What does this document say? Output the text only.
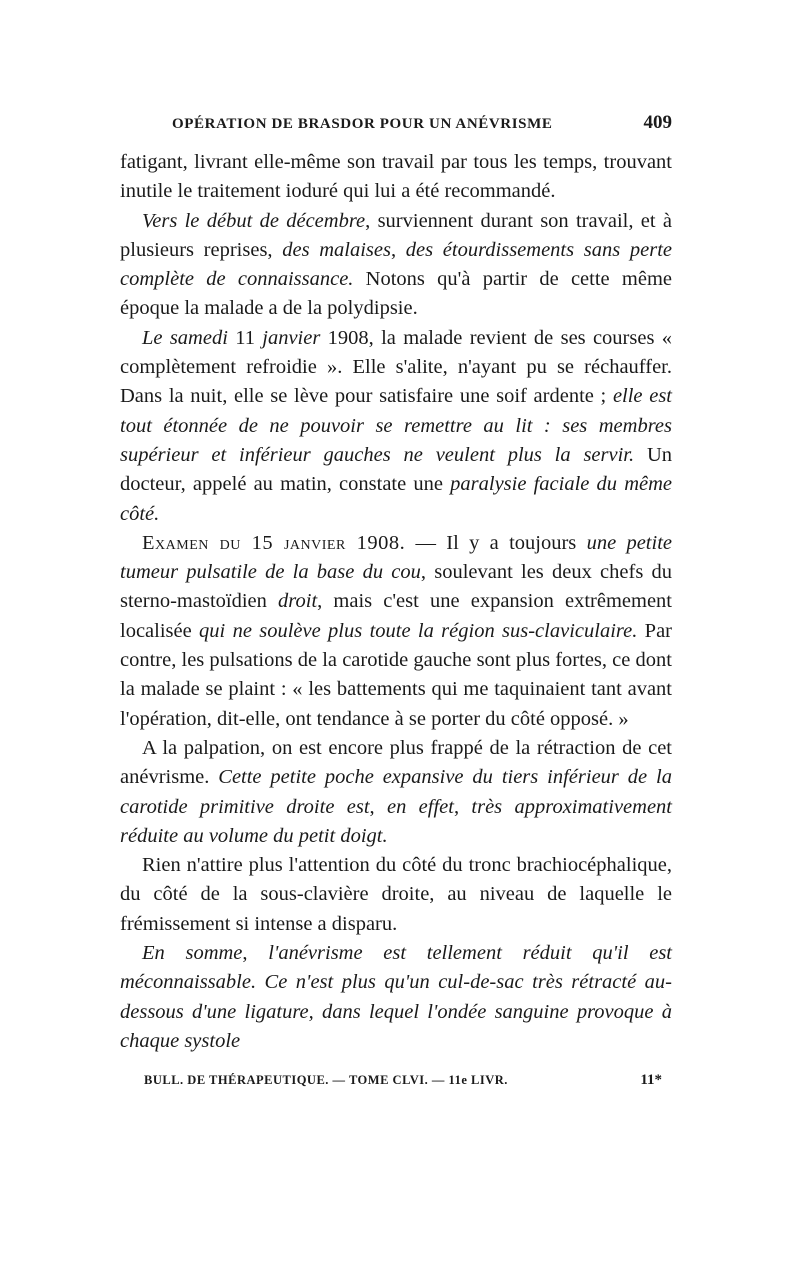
OPÉRATION DE BRASDOR POUR UN ANÉVRISME	409

fatigant, livrant elle-même son travail par tous les temps, trouvant inutile le traitement ioduré qui lui a été recommandé.

Vers le début de décembre, surviennent durant son travail, et à plusieurs reprises, des malaises, des étourdissements sans perte complète de connaissance. Notons qu'à partir de cette même époque la malade a de la polydipsie.

Le samedi 11 janvier 1908, la malade revient de ses courses « complètement refroidie ». Elle s'alite, n'ayant pu se réchauffer. Dans la nuit, elle se lève pour satisfaire une soif ardente ; elle est tout étonnée de ne pouvoir se remettre au lit : ses membres supérieur et inférieur gauches ne veulent plus la servir. Un docteur, appelé au matin, constate une paralysie faciale du même côté.

Examen du 15 janvier 1908. — Il y a toujours une petite tumeur pulsatile de la base du cou, soulevant les deux chefs du sterno-mastoïdien droit, mais c'est une expansion extrêmement localisée qui ne soulève plus toute la région sus-claviculaire. Par contre, les pulsations de la carotide gauche sont plus fortes, ce dont la malade se plaint : « les battements qui me taquinaient tant avant l'opération, dit-elle, ont tendance à se porter du côté opposé. »

A la palpation, on est encore plus frappé de la rétraction de cet anévrisme. Cette petite poche expansive du tiers inférieur de la carotide primitive droite est, en effet, très approximativement réduite au volume du petit doigt.

Rien n'attire plus l'attention du côté du tronc brachiocéphalique, du côté de la sous-clavière droite, au niveau de laquelle le frémissement si intense a disparu.

En somme, l'anévrisme est tellement réduit qu'il est méconnaissable. Ce n'est plus qu'un cul-de-sac très rétracté au-dessous d'une ligature, dans lequel l'ondée sanguine provoque à chaque systole

BULL. DE THÉRAPEUTIQUE. — TOME CLVI. — 11e LIVR.	11*
